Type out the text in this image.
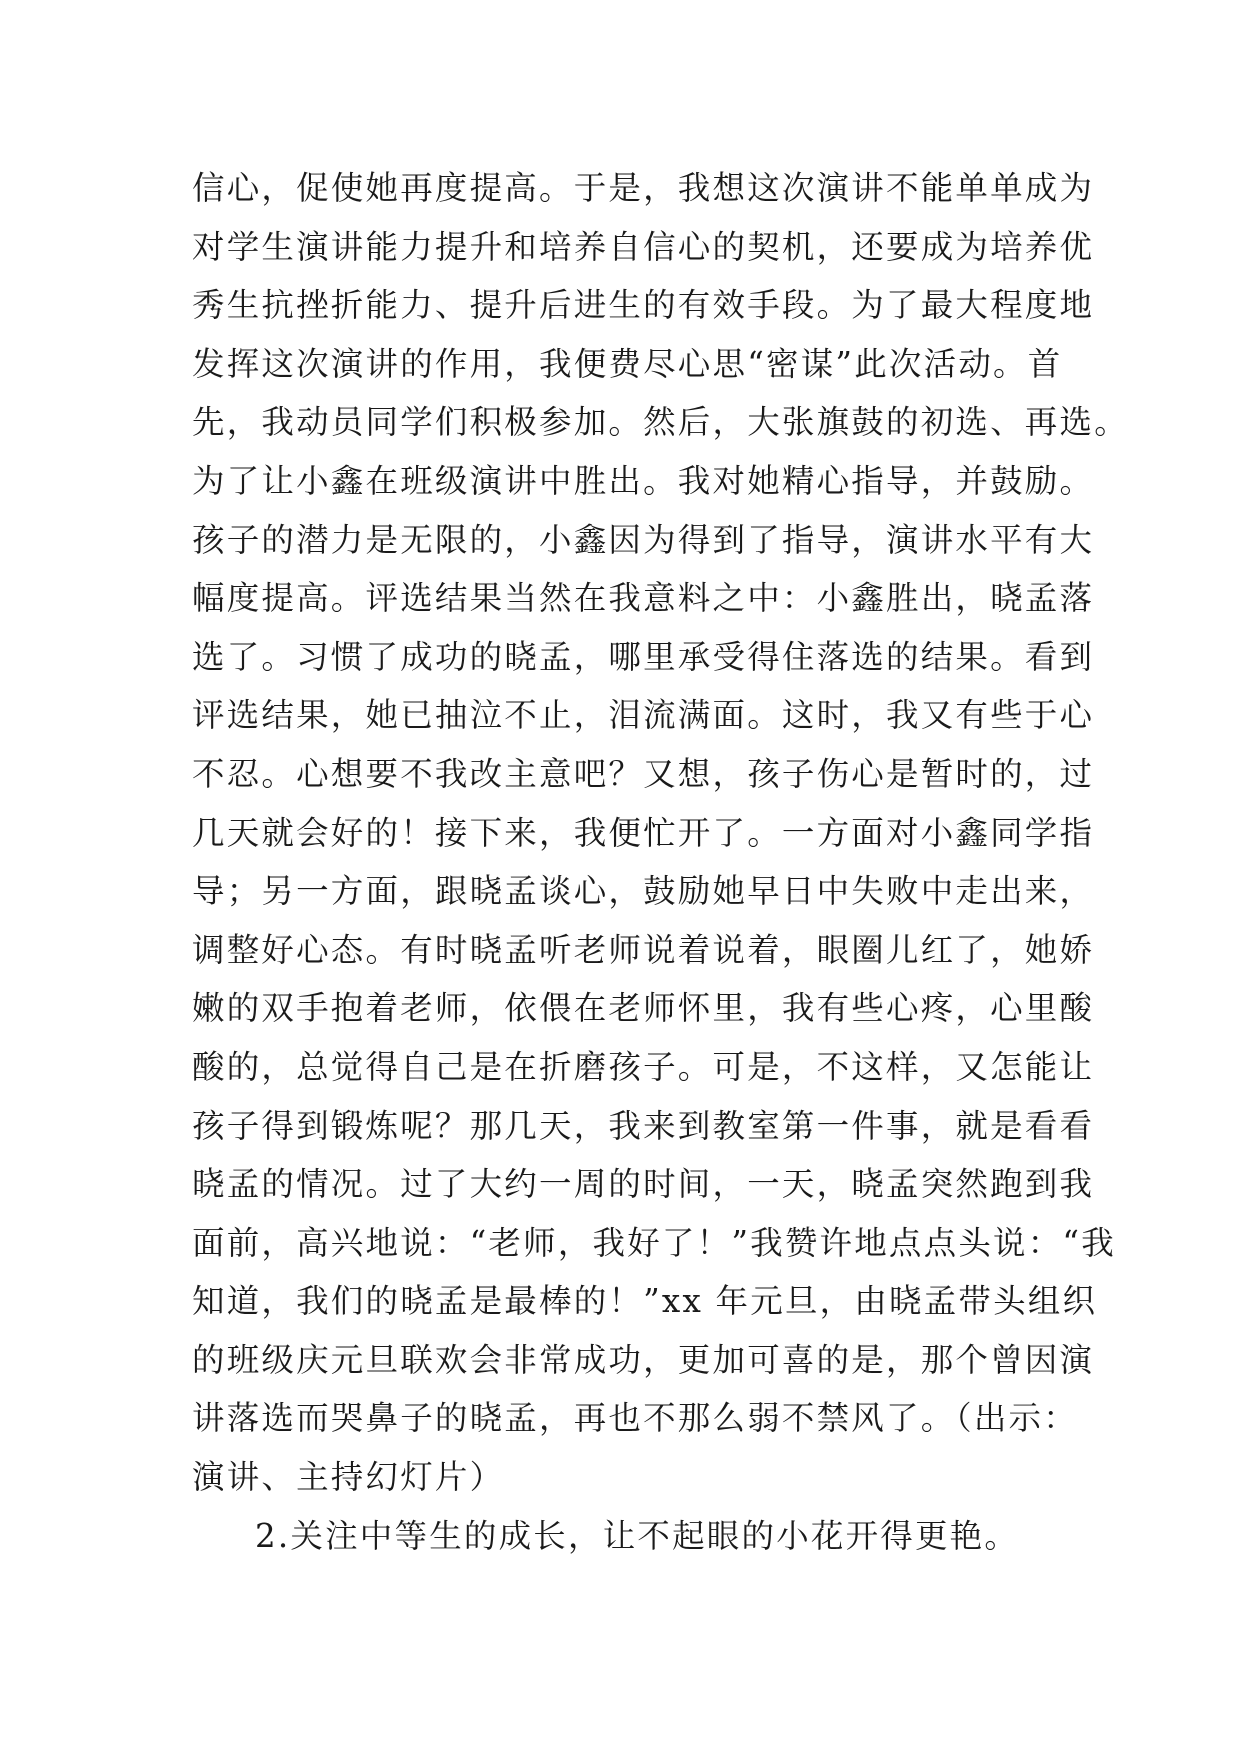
信心，促使她再度提高。于是，我想这次演讲不能单单成为
对学生演讲能力提升和培养自信心的契机，还要成为培养优
秀生抗挫折能力、提升后进生的有效手段。为了最大程度地
发挥这次演讲的作用，我便费尽心思“密谋”此次活动。首
先，我动员同学们积极参加。然后，大张旗鼓的初选、再选。
为了让小鑫在班级演讲中胜出。我对她精心指导，并鼓励。
孩子的潜力是无限的，小鑫因为得到了指导，演讲水平有大
幅度提高。评选结果当然在我意料之中：小鑫胜出，晓孟落
选了。习惯了成功的晓孟，哪里承受得住落选的结果。看到
评选结果，她已抽泣不止，泪流满面。这时，我又有些于心
不忍。心想要不我改主意吧？又想，孩子伤心是暂时的，过
几天就会好的！接下来，我便忙开了。一方面对小鑫同学指
导；另一方面，跟晓孟谈心，鼓励她早日中失败中走出来，
调整好心态。有时晓孟听老师说着说着，眼圈儿红了，她娇
嫩的双手抱着老师，依偎在老师怀里，我有些心疼，心里酸
酸的，总觉得自己是在折磨孩子。可是，不这样，又怎能让
孩子得到锻炼呢？那几天，我来到教室第一件事，就是看看
晓孟的情况。过了大约一周的时间，一天，晓孟突然跑到我
面前，高兴地说：“老师，我好了！”我赞许地点点头说：“我
知道，我们的晓孟是最棒的！”xx 年元旦，由晓孟带头组织
的班级庆元旦联欢会非常成功，更加可喜的是，那个曾因演
讲落选而哭鼻子的晓孟，再也不那么弱不禁风了。（出示：
演讲、主持幻灯片）
2.关注中等生的成长，让不起眼的小花开得更艳。
